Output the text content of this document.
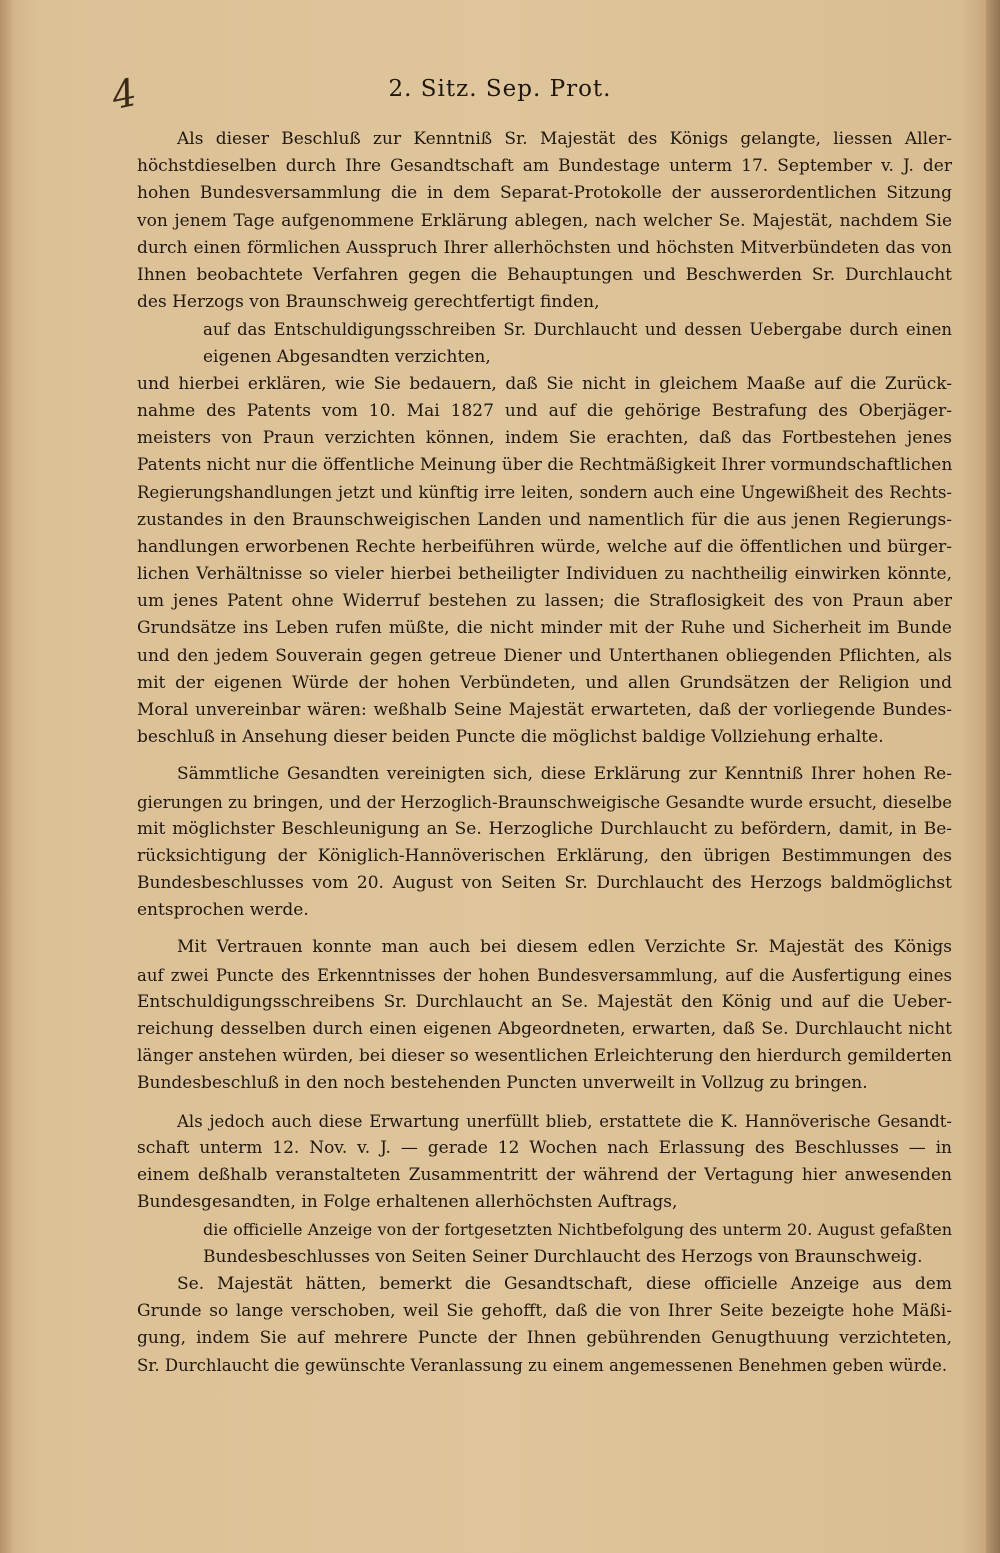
4	2. Sitz. Sep. Prot.
Als dieser Beschluß zur Kenntniß Sr. Majestät des Königs gelangte, liessen Aller-
höchstdieselben durch Ihre Gesandtschaft am Bundestage unterm 17. September v. J. der
hohen Bundesversammlung die in dem Separat-Protokolle der ausserordentlichen Sitzung
von jenem Tage aufgenommene Erklärung ablegen, nach welcher Se. Majestät, nachdem Sie
durch einen förmlichen Ausspruch Ihrer allerhöchsten und höchsten Mitverbündeten das von
Ihnen beobachtete Verfahren gegen die Behauptungen und Beschwerden Sr. Durchlaucht
des Herzogs von Braunschweig gerechtfertigt finden,
auf das Entschuldigungsschreiben Sr. Durchlaucht und dessen Uebergabe durch einen
eigenen Abgesandten verzichten,
und hierbei erklären, wie Sie bedauern, daß Sie nicht in gleichem Maaße auf die Zurück-
nahme des Patents vom 10. Mai 1827 und auf die gehörige Bestrafung des Oberjäger-
meisters von Praun verzichten können, indem Sie erachten, daß das Fortbestehen jenes
Patents nicht nur die öffentliche Meinung über die Rechtmäßigkeit Ihrer vormundschaftlichen
Regierungshandlungen jetzt und künftig irre leiten, sondern auch eine Ungewißheit des Rechts-
zustandes in den Braunschweigischen Landen und namentlich für die aus jenen Regierungs-
handlungen erworbenen Rechte herbeiführen würde, welche auf die öffentlichen und bürger-
lichen Verhältnisse so vieler hierbei betheiligter Individuen zu nachtheilig einwirken könnte,
um jenes Patent ohne Widerruf bestehen zu lassen; die Straflosigkeit des von Praun aber
Grundsätze ins Leben rufen müßte, die nicht minder mit der Ruhe und Sicherheit im Bunde
und den jedem Souverain gegen getreue Diener und Unterthanen obliegenden Pflichten, als
mit der eigenen Würde der hohen Verbündeten, und allen Grundsätzen der Religion und
Moral unvereinbar wären: weßhalb Seine Majestät erwarteten, daß der vorliegende Bundes-
beschluß in Ansehung dieser beiden Puncte die möglichst baldige Vollziehung erhalte.
Sämmtliche Gesandten vereinigten sich, diese Erklärung zur Kenntniß Ihrer hohen Re-
gierungen zu bringen, und der Herzoglich-Braunschweigische Gesandte wurde ersucht, dieselbe
mit möglichster Beschleunigung an Se. Herzogliche Durchlaucht zu befördern, damit, in Be-
rücksichtigung der Königlich-Hannöverischen Erklärung, den übrigen Bestimmungen des
Bundesbeschlusses vom 20. August von Seiten Sr. Durchlaucht des Herzogs baldmöglichst
entsprochen werde.
Mit Vertrauen konnte man auch bei diesem edlen Verzichte Sr. Majestät des Königs
auf zwei Puncte des Erkenntnisses der hohen Bundesversammlung, auf die Ausfertigung eines
Entschuldigungsschreibens Sr. Durchlaucht an Se. Majestät den König und auf die Ueber-
reichung desselben durch einen eigenen Abgeordneten, erwarten, daß Se. Durchlaucht nicht
länger anstehen würden, bei dieser so wesentlichen Erleichterung den hierdurch gemilderten
Bundesbeschluß in den noch bestehenden Puncten unverweilt in Vollzug zu bringen.
Als jedoch auch diese Erwartung unerfüllt blieb, erstattete die K. Hannöverische Gesandt-
schaft unterm 12. Nov. v. J. — gerade 12 Wochen nach Erlassung des Beschlusses — in
einem deßhalb veranstalteten Zusammentritt der während der Vertagung hier anwesenden
Bundesgesandten, in Folge erhaltenen allerhöchsten Auftrags,
die officielle Anzeige von der fortgesetzten Nichtbefolgung des unterm 20. August gefaßten
Bundesbeschlusses von Seiten Seiner Durchlaucht des Herzogs von Braunschweig.
Se. Majestät hätten, bemerkt die Gesandtschaft, diese officielle Anzeige aus dem
Grunde so lange verschoben, weil Sie gehofft, daß die von Ihrer Seite bezeigte hohe Mäßi-
gung, indem Sie auf mehrere Puncte der Ihnen gebührenden Genugthuung verzichteten,
Sr. Durchlaucht die gewünschte Veranlassung zu einem angemessenen Benehmen geben würde.
